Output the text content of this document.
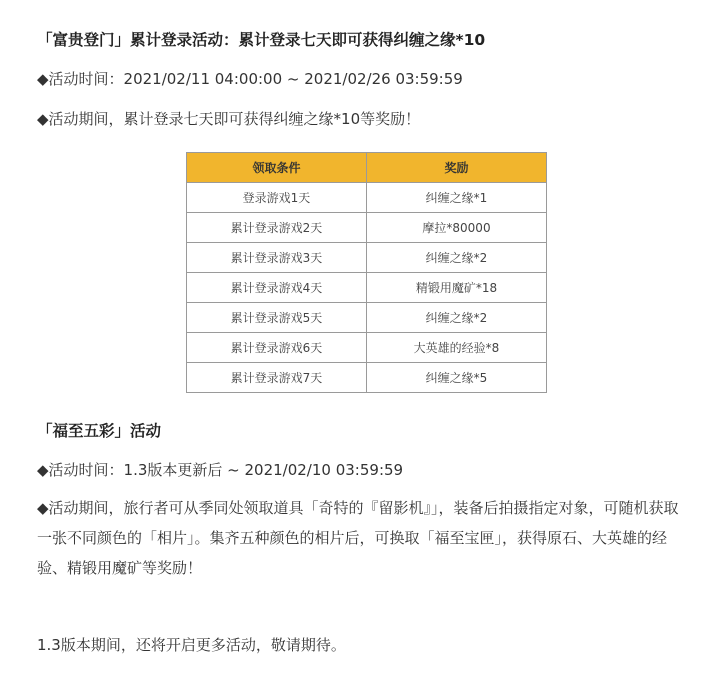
「富贵登门」累计登录活动：累计登录七天即可获得纠缠之缘*10
◆活动时间：2021/02/11 04:00:00 ~ 2021/02/26 03:59:59
◆活动期间，累计登录七天即可获得纠缠之缘*10等奖励！
领取条件	奖励
登录游戏1天	纠缠之缘*1
累计登录游戏2天	摩拉*80000
累计登录游戏3天	纠缠之缘*2
累计登录游戏4天	精锻用魔矿*18
累计登录游戏5天	纠缠之缘*2
累计登录游戏6天	大英雄的经验*8
累计登录游戏7天	纠缠之缘*5
「福至五彩」活动
◆活动时间：1.3版本更新后 ~ 2021/02/10 03:59:59
◆活动期间，旅行者可从季同处领取道具「奇特的『留影机』」，装备后拍摄指定对象，可随机获取一张不同颜色的「相片」。集齐五种颜色的相片后，可换取「福至宝匣」，获得原石、大英雄的经验、精锻用魔矿等奖励！
1.3版本期间，还将开启更多活动，敬请期待。
